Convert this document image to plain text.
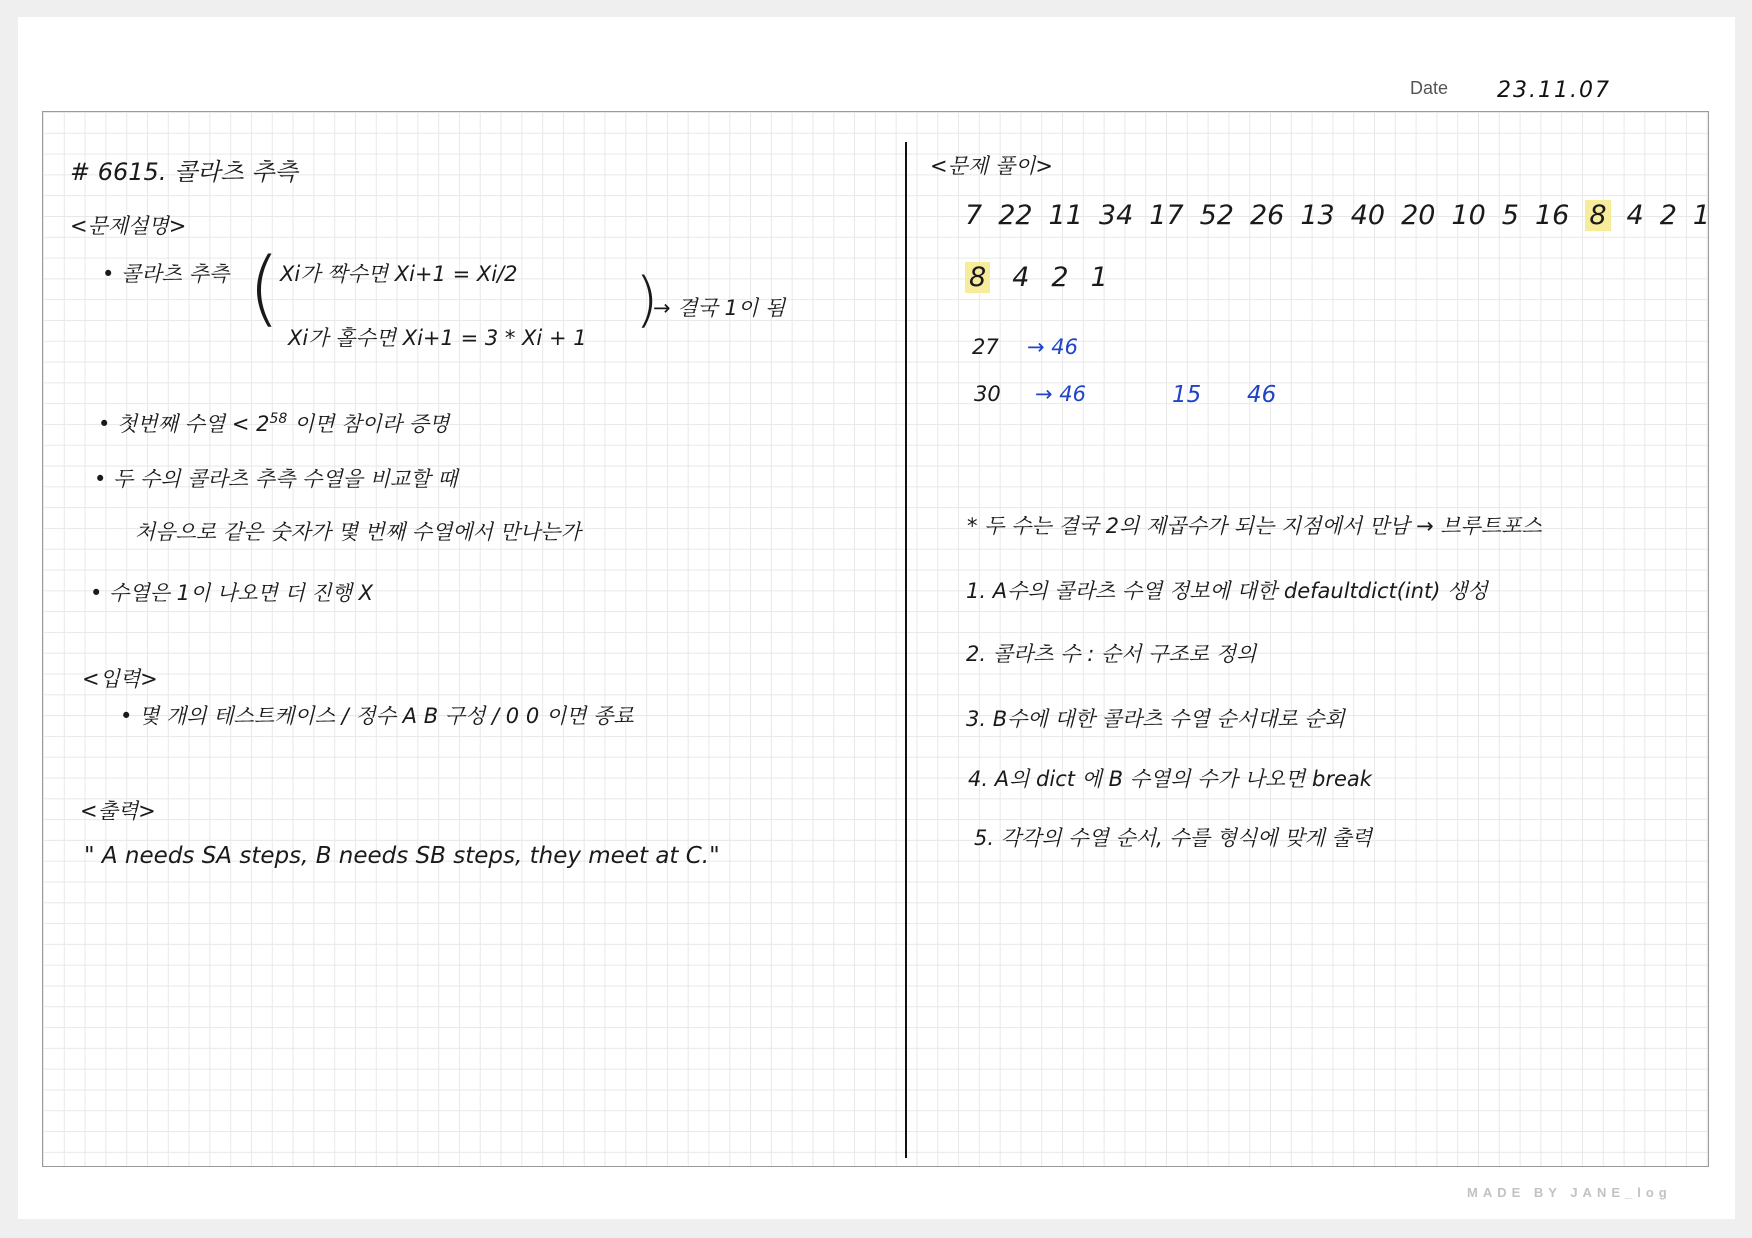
Date 23.11.07
# 6615. 콜라츠 추측
<문제설명>
• 콜라츠 추측 ( Xi가 짝수면 Xi+1 = Xi/2
Xi가 홀수면 Xi+1 = 3 * Xi + 1
)
→ 결국 1이 됨
• 첫번째 수열 < $2^{58}$ 이면 참이라 증명
• 두 수의 콜라츠 추측 수열을 비교할 때
처음으로 같은 숫자가 몇 번째 수열에서 만나는가
• 수열은 1이 나오면 더 진행 X
<입력>
• 몇 개의 테스트케이스 / 정수 A B 구성 / 0 0 이면 종료
<출력>
" A needs SA steps, B needs SB steps, they meet at C."
<문제 풀이>
7 22 11 34 17 52 26 13 40 20 10 5 16 8 4 2 1
8 4 2 1
27 → 46
30 → 46	15 46
* 두 수는 결국 2의 제곱수가 되는 지점에서 만남 → 브루트포스
1. A수의 콜라츠 수열 정보에 대한 defaultdict(int) 생성
2. 콜라츠 수 : 순서 구조로 정의
3. B수에 대한 콜라츠 수열 순서대로 순회
4. A의 dict 에 B 수열의 수가 나오면 break
5. 각각의 수열 순서, 수를 형식에 맞게 출력
MADE BY JANE_log
